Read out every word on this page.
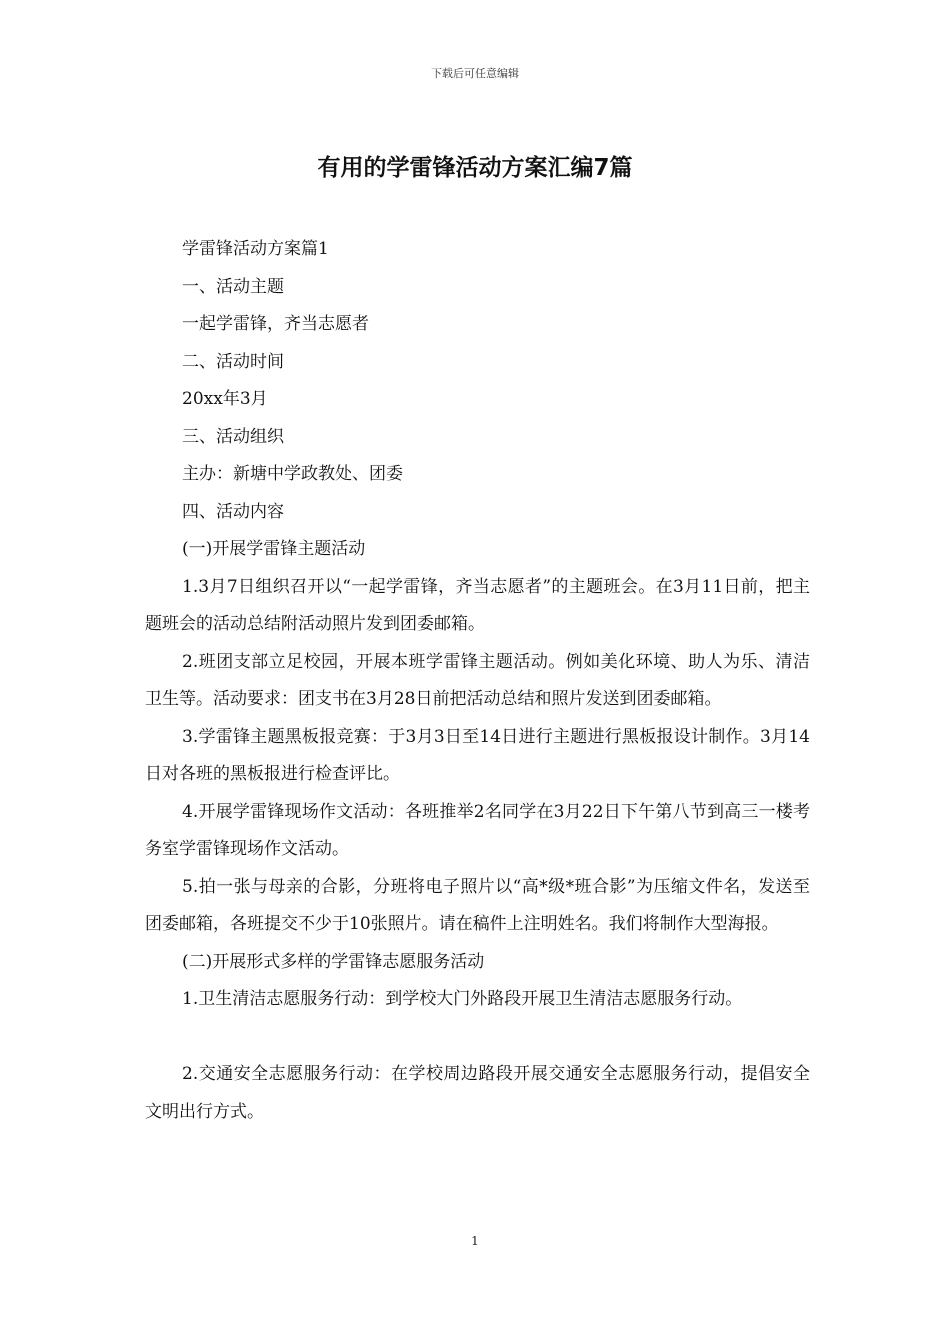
下载后可任意编辑
有用的学雷锋活动方案汇编7篇

学雷锋活动方案篇1

一、活动主题

一起学雷锋，齐当志愿者

二、活动时间

20xx年3月

三、活动组织

主办：新塘中学政教处、团委

四、活动内容

(一)开展学雷锋主题活动

1.3月7日组织召开以“一起学雷锋，齐当志愿者”的主题班会。在3月11日前，把主题班会的活动总结附活动照片发到团委邮箱。

2.班团支部立足校园，开展本班学雷锋主题活动。例如美化环境、助人为乐、清洁卫生等。活动要求：团支书在3月28日前把活动总结和照片发送到团委邮箱。

3.学雷锋主题黑板报竞赛：于3月3日至14日进行主题进行黑板报设计制作。3月14日对各班的黑板报进行检查评比。

4.开展学雷锋现场作文活动：各班推举2名同学在3月22日下午第八节到高三一楼考务室学雷锋现场作文活动。

5.拍一张与母亲的合影，分班将电子照片以“高*级*班合影”为压缩文件名，发送至团委邮箱，各班提交不少于10张照片。请在稿件上注明姓名。我们将制作大型海报。

(二)开展形式多样的学雷锋志愿服务活动

1.卫生清洁志愿服务行动：到学校大门外路段开展卫生清洁志愿服务行动。

2.交通安全志愿服务行动：在学校周边路段开展交通安全志愿服务行动，提倡安全文明出行方式。

1
